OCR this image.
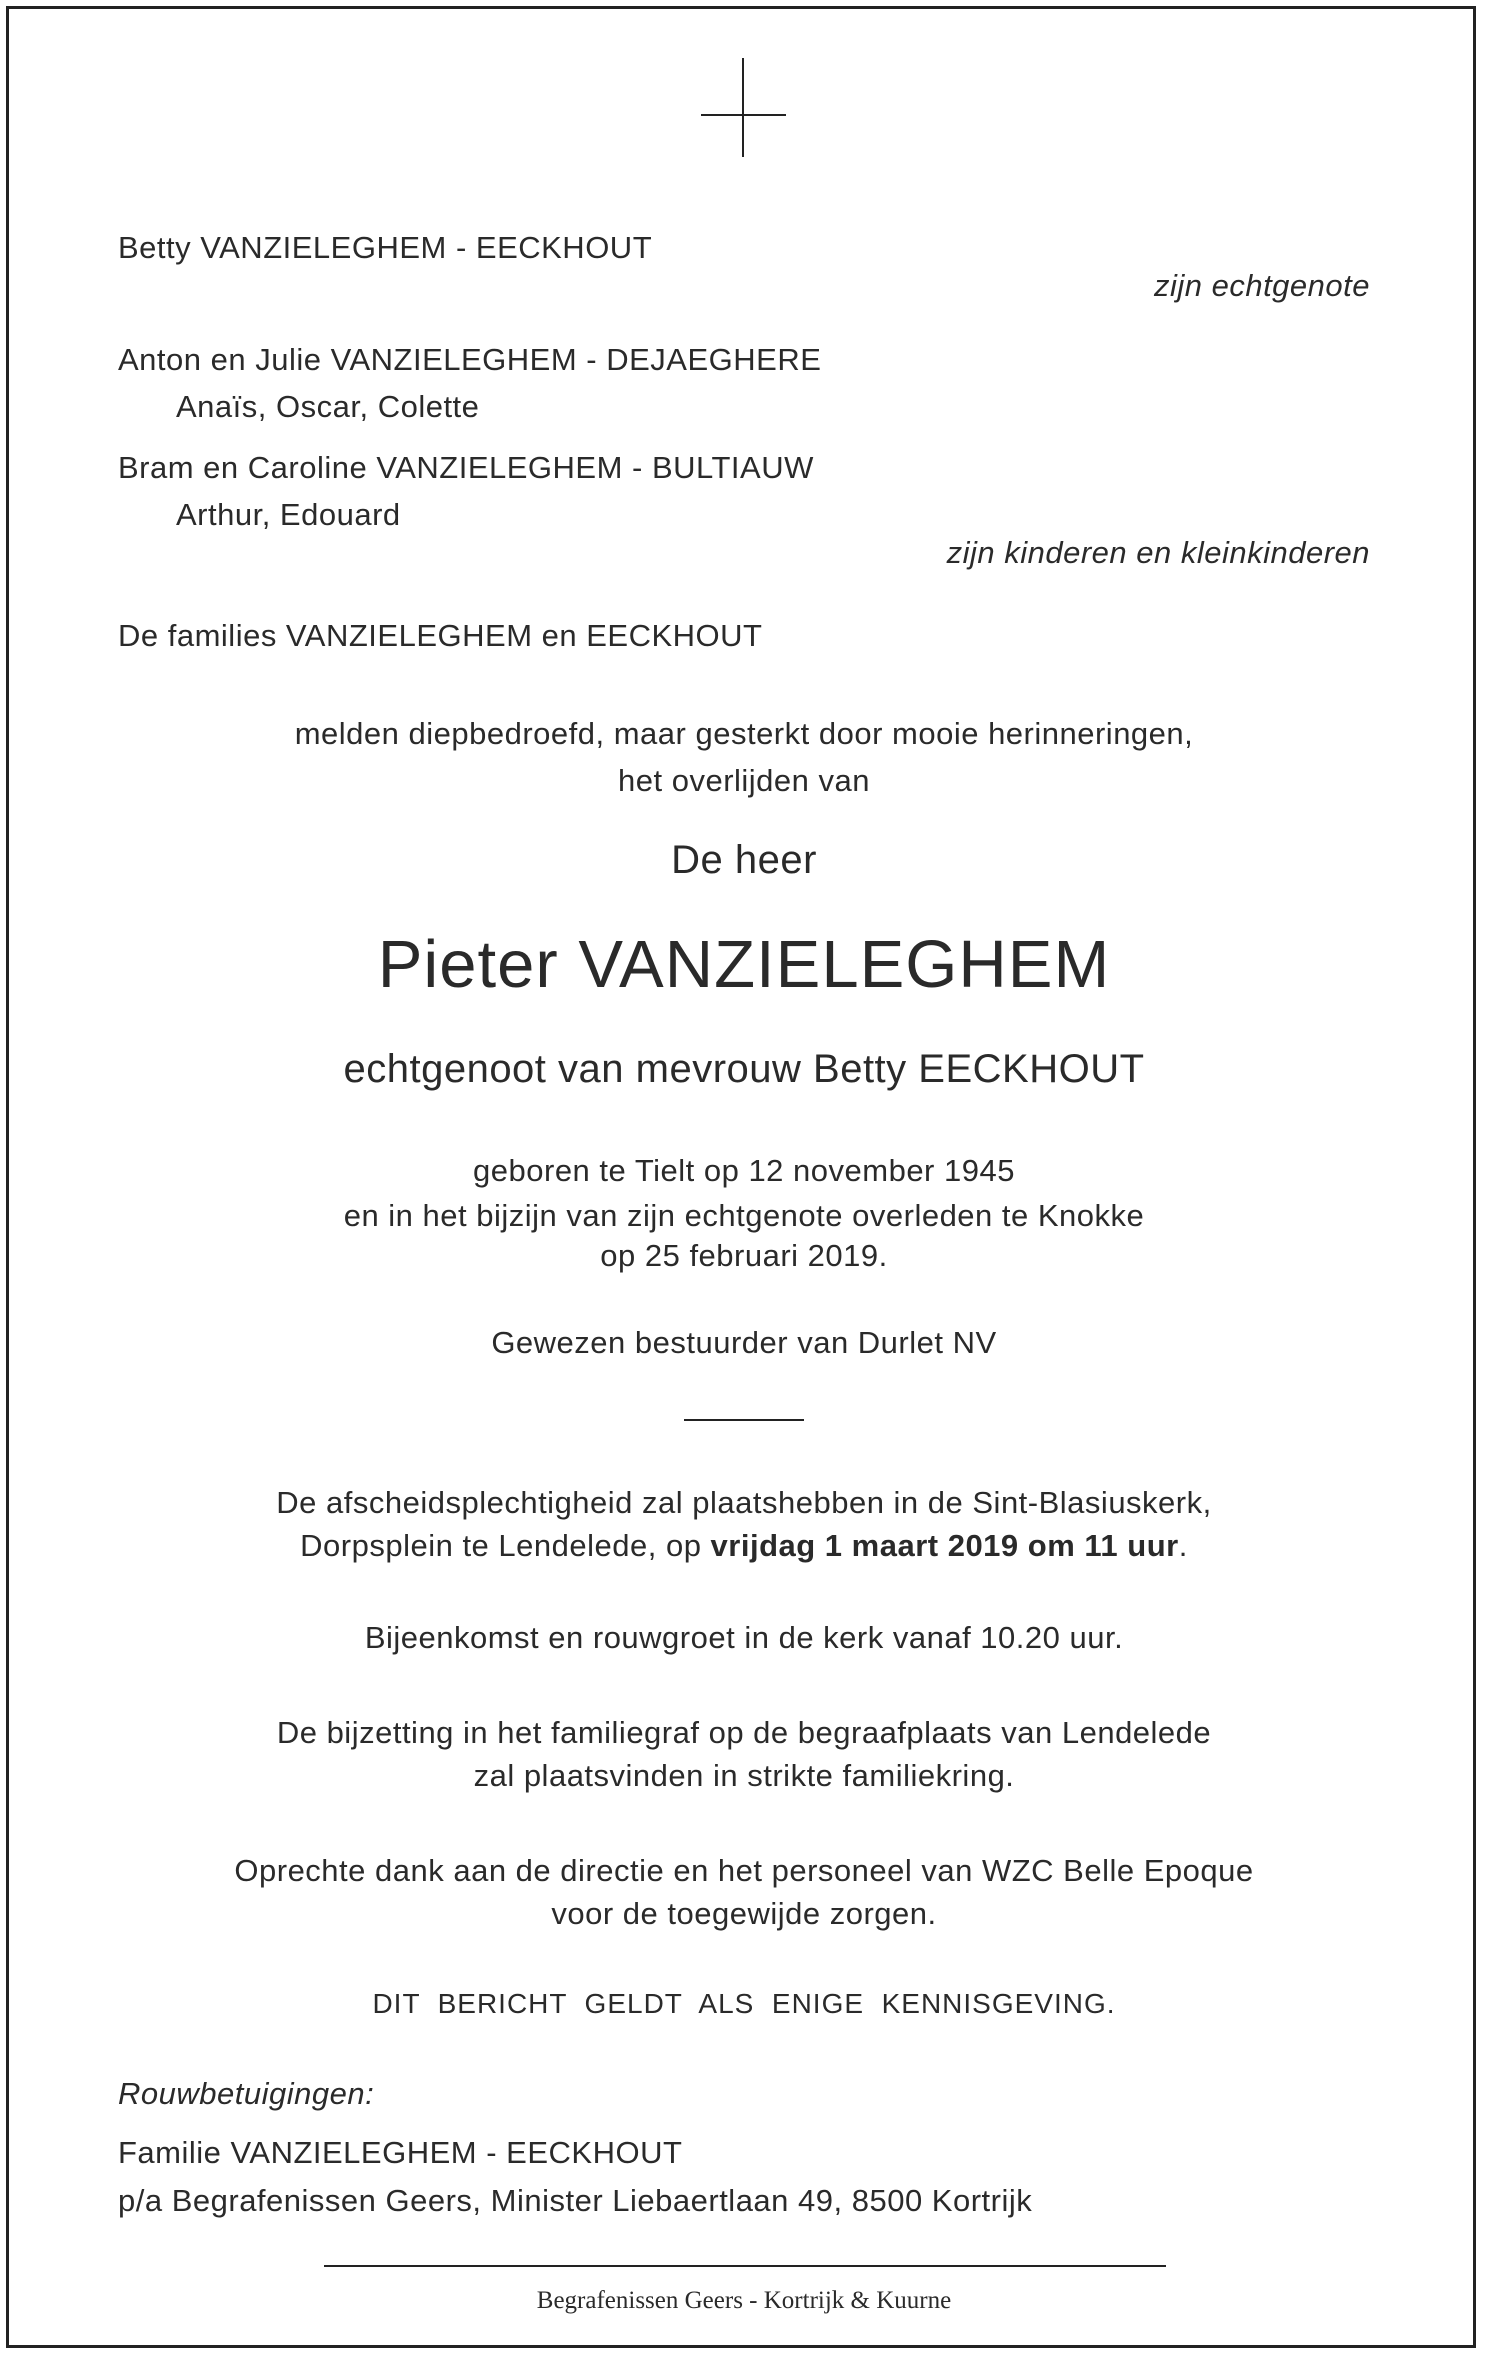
Betty VANZIELEGHEM - EECKHOUT
zijn echtgenote
Anton en Julie VANZIELEGHEM - DEJAEGHERE
Anaïs, Oscar, Colette
Bram en Caroline VANZIELEGHEM - BULTIAUW
Arthur, Edouard
zijn kinderen en kleinkinderen
De families VANZIELEGHEM en EECKHOUT
melden diepbedroefd, maar gesterkt door mooie herinneringen,
het overlijden van
De heer
Pieter VANZIELEGHEM
echtgenoot van mevrouw Betty EECKHOUT
geboren te Tielt op 12 november 1945
en in het bijzijn van zijn echtgenote overleden te Knokke
op 25 februari 2019.
Gewezen bestuurder van Durlet NV
De afscheidsplechtigheid zal plaatshebben in de Sint-Blasiuskerk,
Dorpsplein te Lendelede, op vrijdag 1 maart 2019 om 11 uur.
Bijeenkomst en rouwgroet in de kerk vanaf 10.20 uur.
De bijzetting in het familiegraf op de begraafplaats van Lendelede
zal plaatsvinden in strikte familiekring.
Oprechte dank aan de directie en het personeel van WZC Belle Epoque
voor de toegewijde zorgen.
DIT  BERICHT  GELDT  ALS  ENIGE  KENNISGEVING.
Rouwbetuigingen:
Familie VANZIELEGHEM - EECKHOUT
p/a Begrafenissen Geers, Minister Liebaertlaan 49, 8500 Kortrijk
Begrafenissen Geers - Kortrijk & Kuurne
